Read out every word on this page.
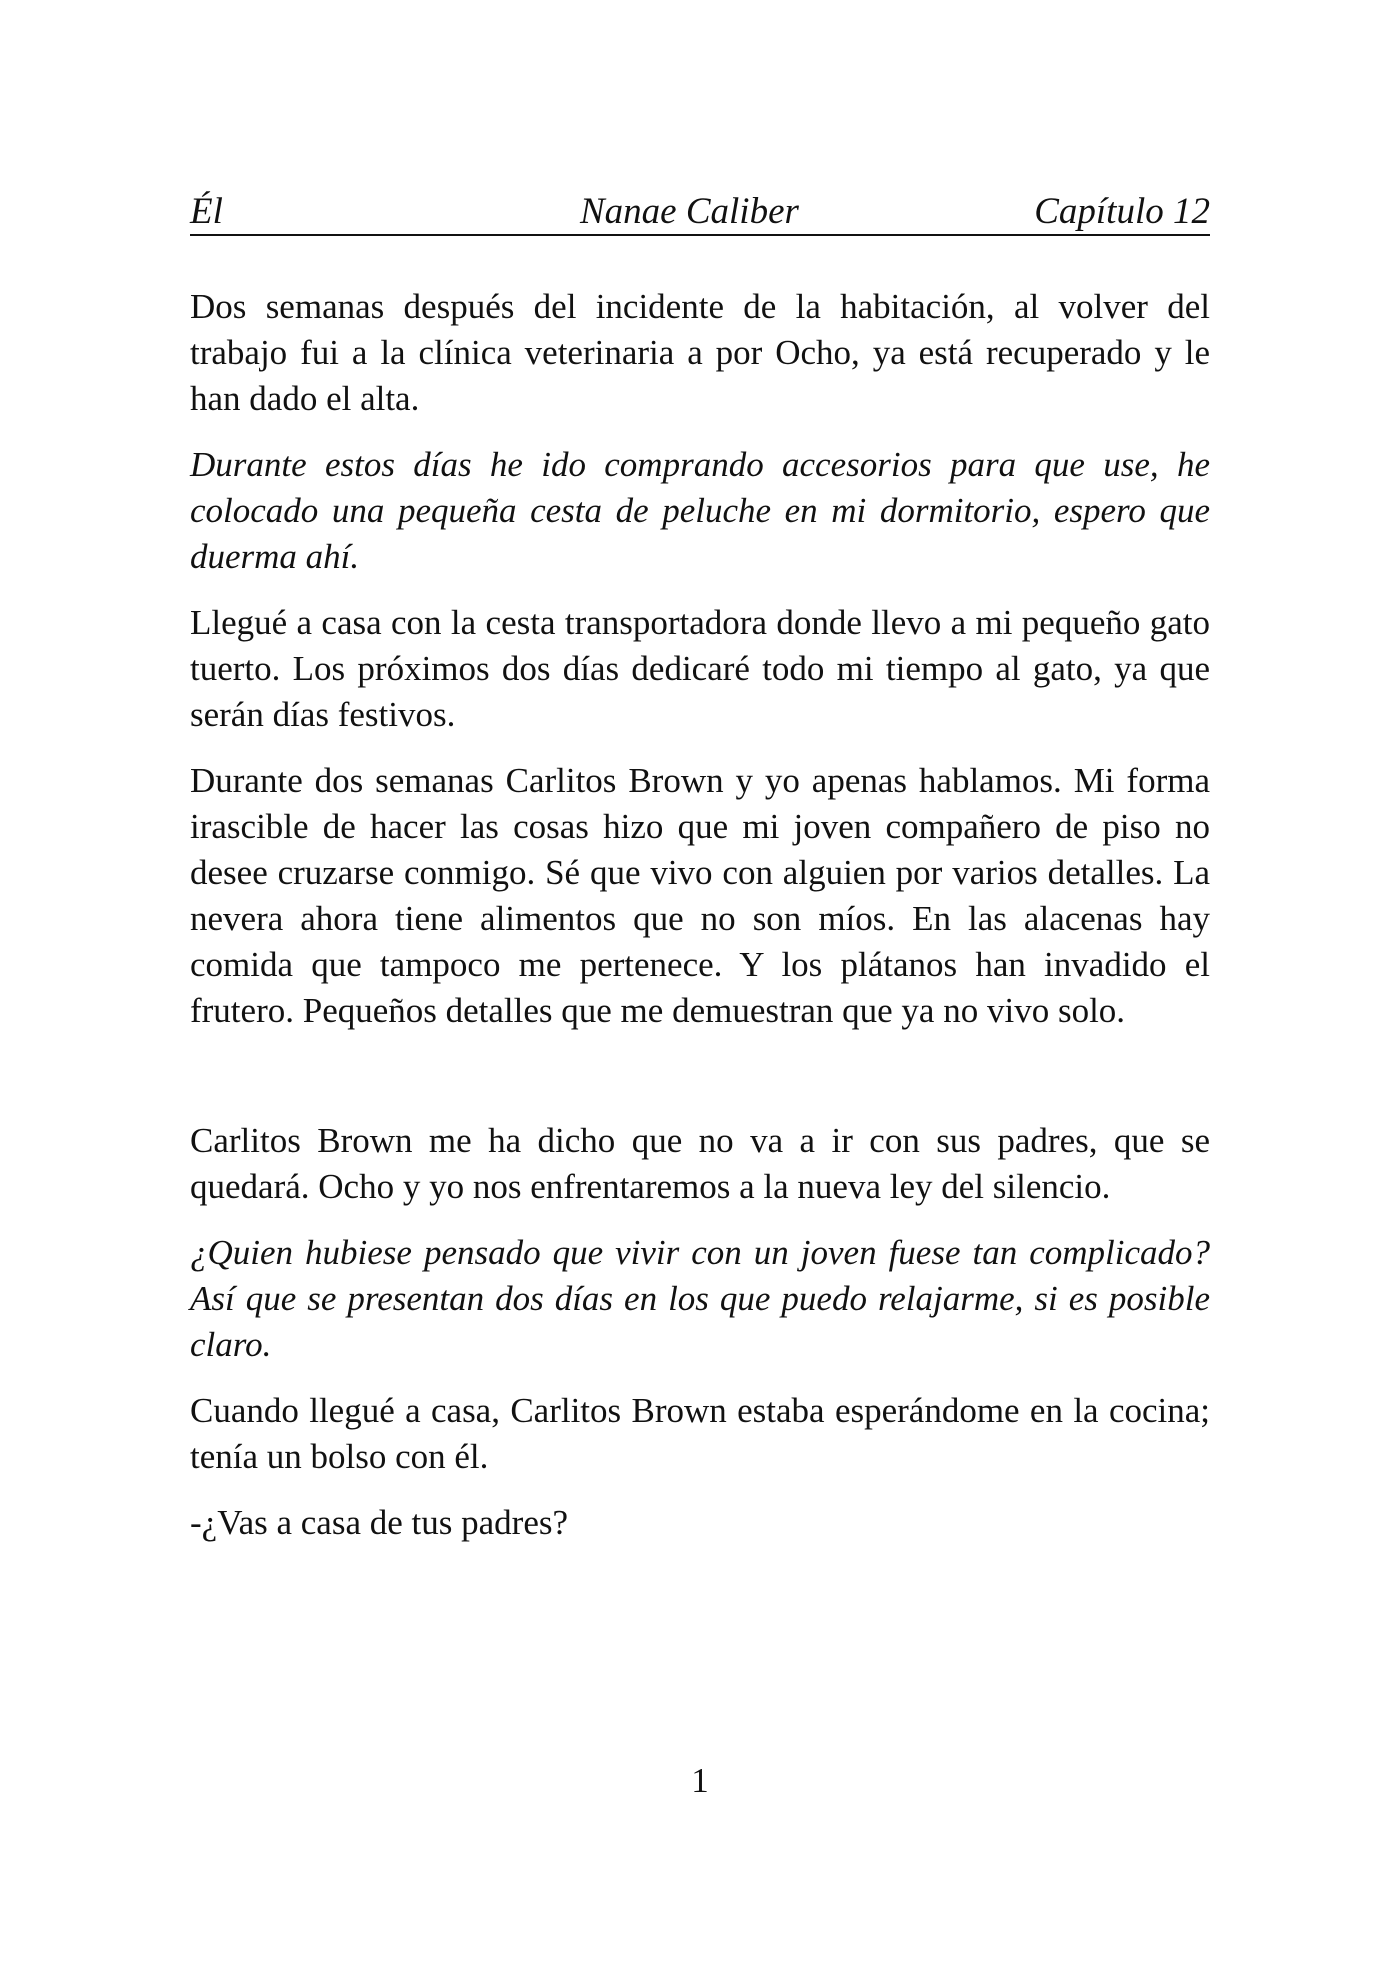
Él	Nanae Caliber	Capítulo 12

Dos semanas después del incidente de la habitación, al volver del trabajo fui a la clínica veterinaria a por Ocho, ya está recuperado y le han dado el alta.

Durante estos días he ido comprando accesorios para que use, he colocado una pequeña cesta de peluche en mi dormitorio, espero que duerma ahí.

Llegué a casa con la cesta transportadora donde llevo a mi pequeño gato tuerto. Los próximos dos días dedicaré todo mi tiempo al gato, ya que serán días festivos.

Durante dos semanas Carlitos Brown y yo apenas hablamos. Mi forma irascible de hacer las cosas hizo que mi joven compañero de piso no desee cruzarse conmigo. Sé que vivo con alguien por varios detalles. La nevera ahora tiene alimentos que no son míos. En las alacenas hay comida que tampoco me pertenece. Y los plátanos han invadido el frutero. Pequeños detalles que me demuestran que ya no vivo solo.

Carlitos Brown me ha dicho que no va a ir con sus padres, que se quedará. Ocho y yo nos enfrentaremos a la nueva ley del silencio.

¿Quien hubiese pensado que vivir con un joven fuese tan complicado?Así que se presentan dos días en los que puedo relajarme, si es posible claro.

Cuando llegué a casa, Carlitos Brown estaba esperándome en la cocina; tenía un bolso con él.

-¿Vas a casa de tus padres?

1
